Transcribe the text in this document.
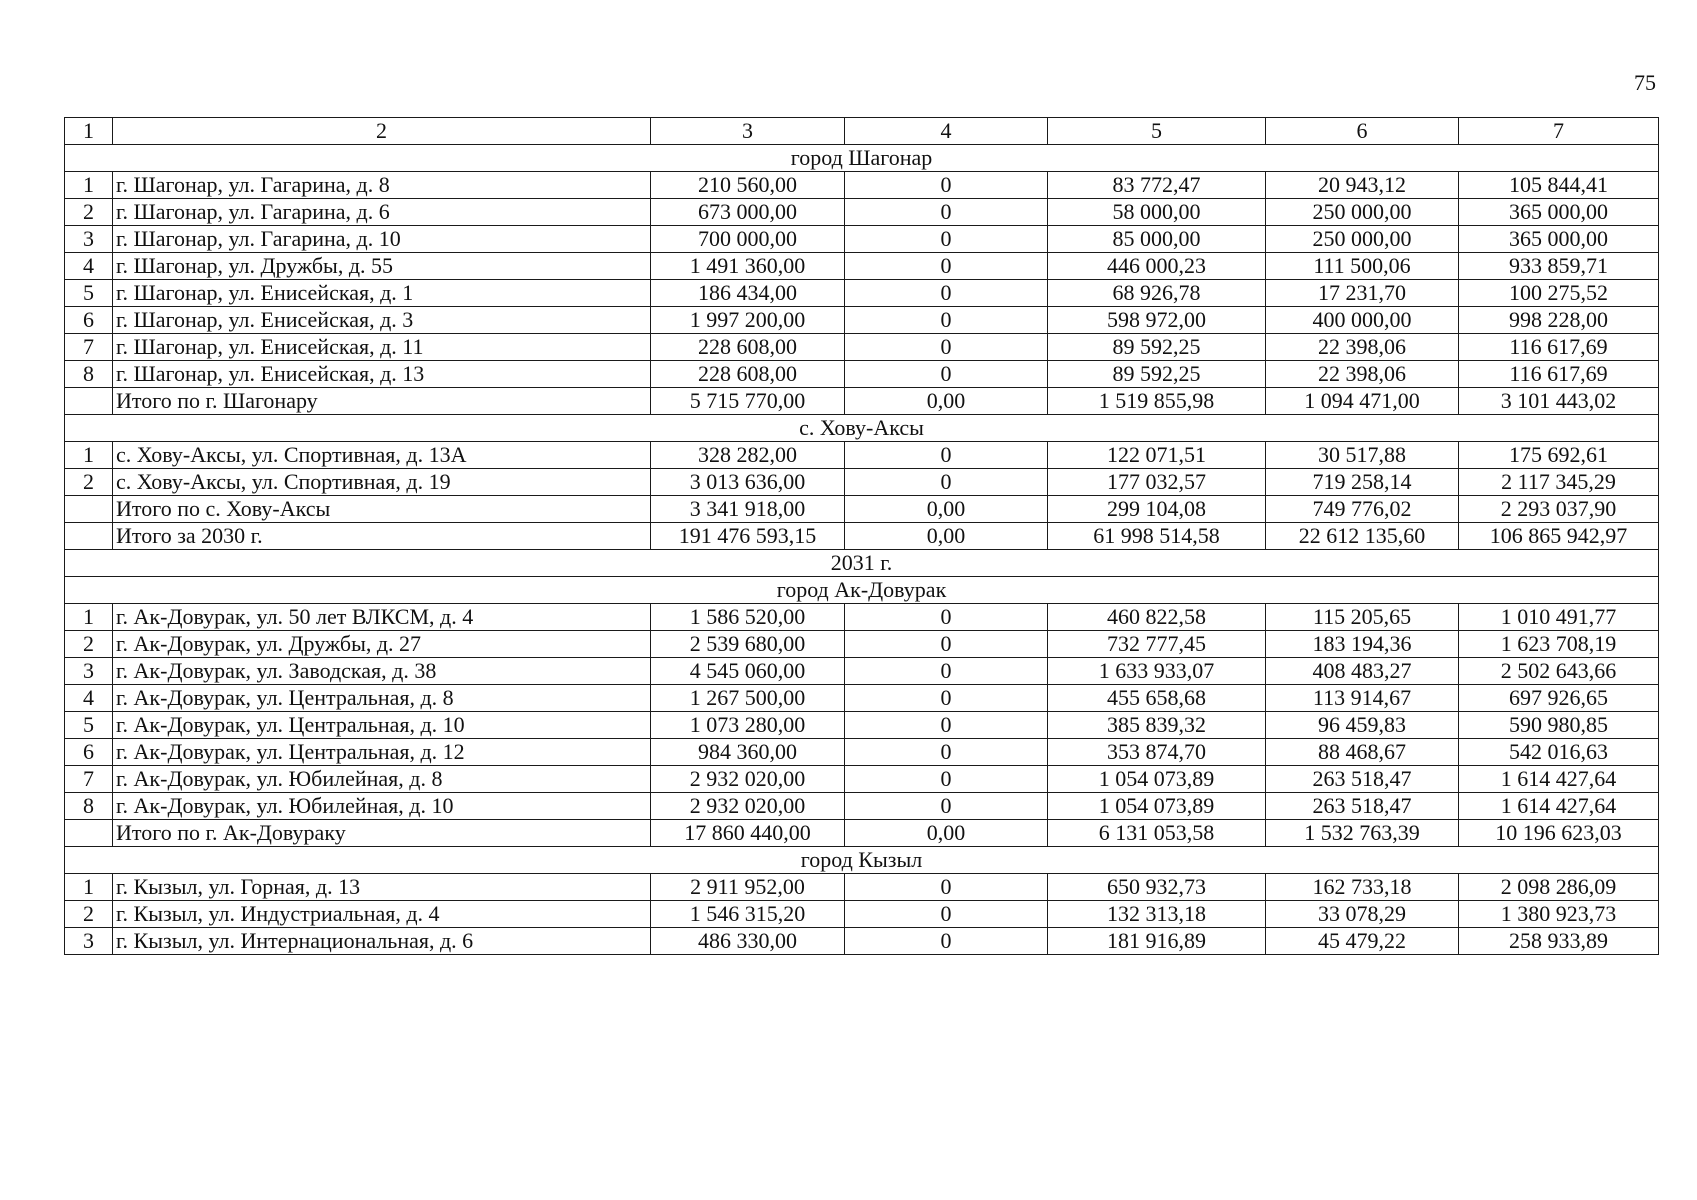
75
1	2	3	4	5	6	7
город Шагонар						
1	г. Шагонар, ул. Гагарина, д. 8	210 560,00	0	83 772,47	20 943,12	105 844,41
2	г. Шагонар, ул. Гагарина, д. 6	673 000,00	0	58 000,00	250 000,00	365 000,00
3	г. Шагонар, ул. Гагарина, д. 10	700 000,00	0	85 000,00	250 000,00	365 000,00
4	г. Шагонар, ул. Дружбы, д. 55	1 491 360,00	0	446 000,23	111 500,06	933 859,71
5	г. Шагонар, ул. Енисейская, д. 1	186 434,00	0	68 926,78	17 231,70	100 275,52
6	г. Шагонар, ул. Енисейская, д. 3	1 997 200,00	0	598 972,00	400 000,00	998 228,00
7	г. Шагонар, ул. Енисейская, д. 11	228 608,00	0	89 592,25	22 398,06	116 617,69
8	г. Шагонар, ул. Енисейская, д. 13	228 608,00	0	89 592,25	22 398,06	116 617,69
	Итого по г. Шагонару	5 715 770,00	0,00	1 519 855,98	1 094 471,00	3 101 443,02
с. Хову-Аксы						
1	с. Хову-Аксы, ул. Спортивная, д. 13А	328 282,00	0	122 071,51	30 517,88	175 692,61
2	с. Хову-Аксы, ул. Спортивная, д. 19	3 013 636,00	0	177 032,57	719 258,14	2 117 345,29
	Итого по с. Хову-Аксы	3 341 918,00	0,00	299 104,08	749 776,02	2 293 037,90
	Итого за 2030 г.	191 476 593,15	0,00	61 998 514,58	22 612 135,60	106 865 942,97
2031 г.						
город Ак-Довурак						
1	г. Ак-Довурак, ул. 50 лет ВЛКСМ, д. 4	1 586 520,00	0	460 822,58	115 205,65	1 010 491,77
2	г. Ак-Довурак, ул. Дружбы, д. 27	2 539 680,00	0	732 777,45	183 194,36	1 623 708,19
3	г. Ак-Довурак, ул. Заводская, д. 38	4 545 060,00	0	1 633 933,07	408 483,27	2 502 643,66
4	г. Ак-Довурак, ул. Центральная, д. 8	1 267 500,00	0	455 658,68	113 914,67	697 926,65
5	г. Ак-Довурак, ул. Центральная, д. 10	1 073 280,00	0	385 839,32	96 459,83	590 980,85
6	г. Ак-Довурак, ул. Центральная, д. 12	984 360,00	0	353 874,70	88 468,67	542 016,63
7	г. Ак-Довурак, ул. Юбилейная, д. 8	2 932 020,00	0	1 054 073,89	263 518,47	1 614 427,64
8	г. Ак-Довурак, ул. Юбилейная, д. 10	2 932 020,00	0	1 054 073,89	263 518,47	1 614 427,64
	Итого по г. Ак-Довураку	17 860 440,00	0,00	6 131 053,58	1 532 763,39	10 196 623,03
город Кызыл						
1	г. Кызыл, ул. Горная, д. 13	2 911 952,00	0	650 932,73	162 733,18	2 098 286,09
2	г. Кызыл, ул. Индустриальная, д. 4	1 546 315,20	0	132 313,18	33 078,29	1 380 923,73
3	г. Кызыл, ул. Интернациональная, д. 6	486 330,00	0	181 916,89	45 479,22	258 933,89
